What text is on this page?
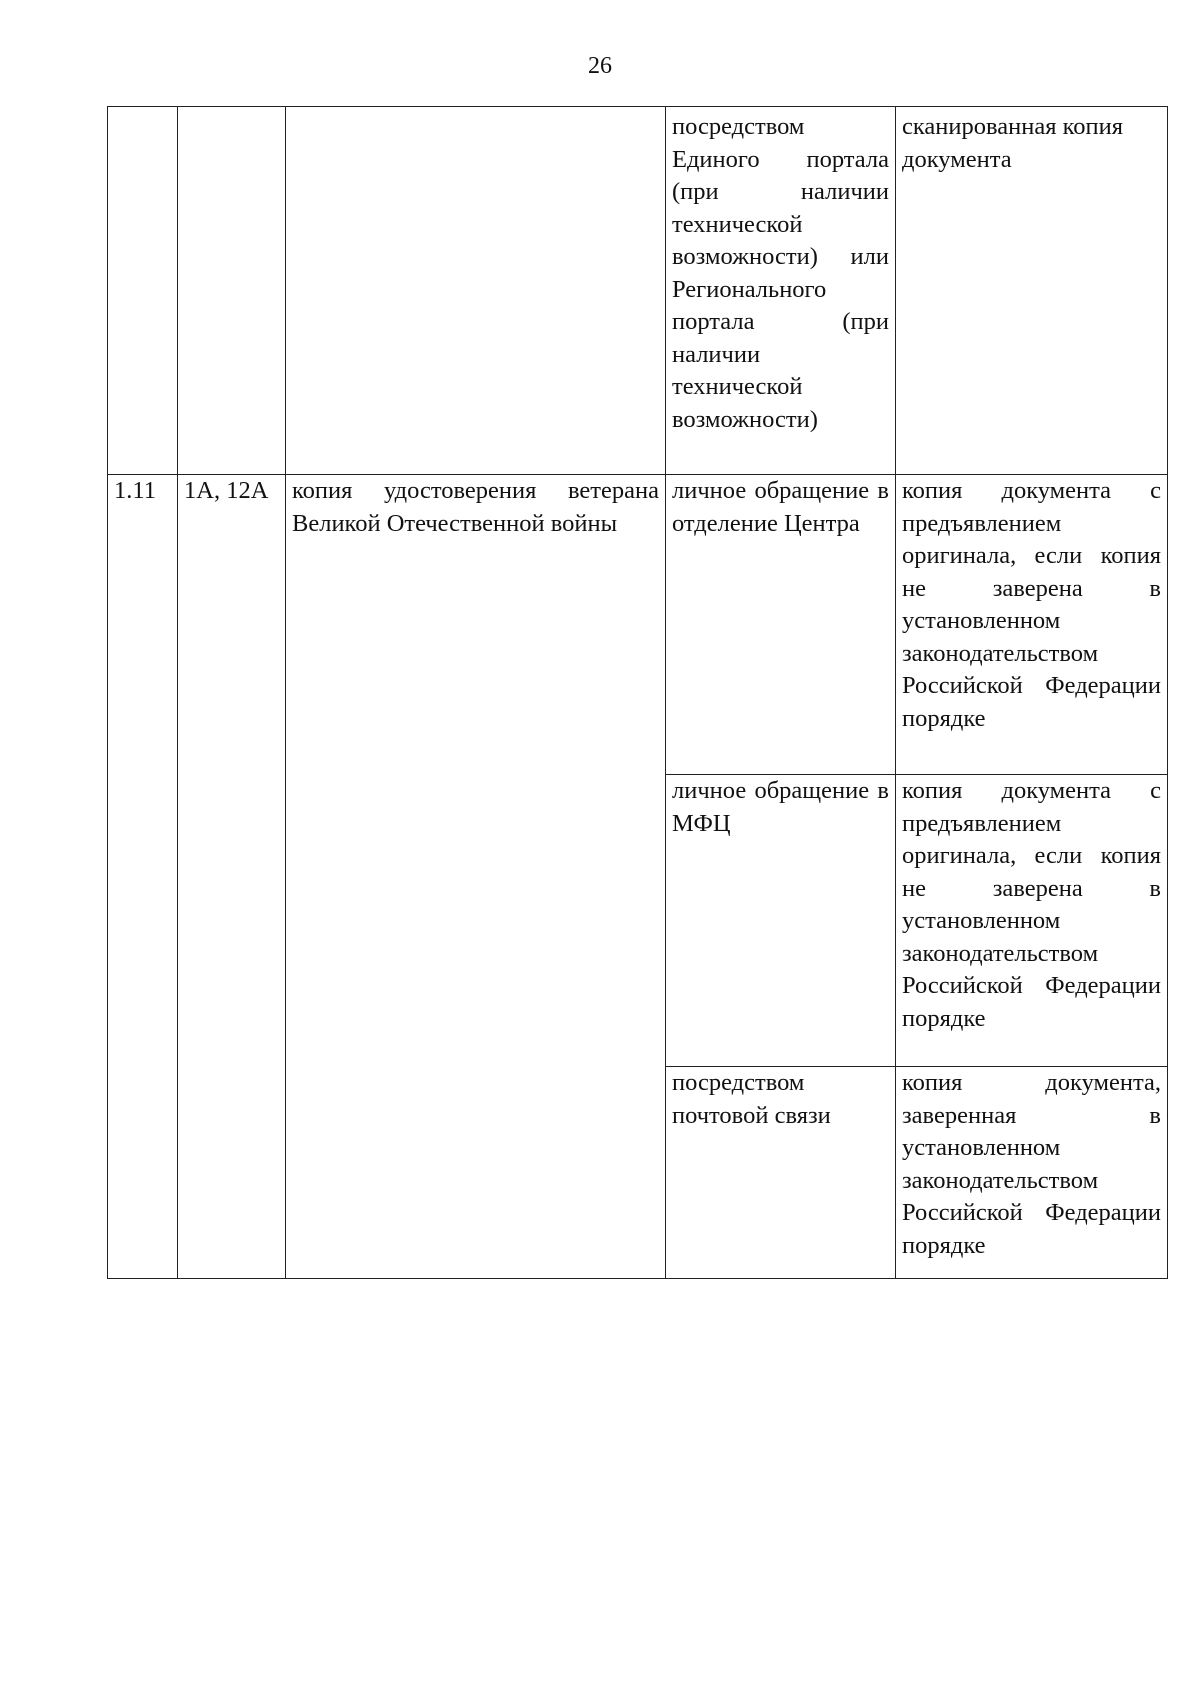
26

			посредством Единого портала (при наличии технической возможности) или Регионального портала (при наличии технической возможности)	сканированная копия документа

1.11	1А, 12А	копия удостоверения ветерана Великой Отечественной войны	личное обращение в отделение Центра	копия документа с предъявлением оригинала, если копия не заверена в установленном законодательством Российской Федерации порядке

			личное обращение в МФЦ	копия документа с предъявлением оригинала, если копия не заверена в установленном законодательством Российской Федерации порядке

			посредством почтовой связи	копия документа, заверенная в установленном законодательством Российской Федерации порядке
